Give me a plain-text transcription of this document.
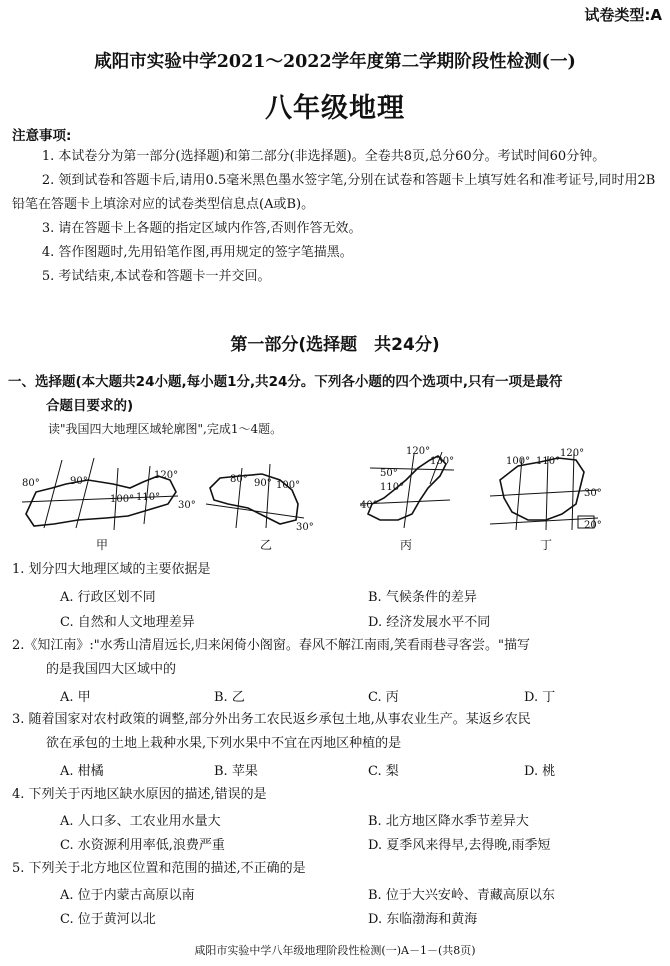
试卷类型:A
咸阳市实验中学2021～2022学年度第二学期阶段性检测(一)
八年级地理
注意事项:

1. 本试卷分为第一部分(选择题)和第二部分(非选择题)。全卷共8页,总分60分。考试时间60分钟。

2. 领到试卷和答题卡后,请用0.5毫米黑色墨水签字笔,分别在试卷和答题卡上填写姓名和准考证号,同时用2B铅笔在答题卡上填涂对应的试卷类型信息点(A或B)。

3. 请在答题卡上各题的指定区域内作答,否则作答无效。

4. 答作图题时,先用铅笔作图,再用规定的签字笔描黑。

5. 考试结束,本试卷和答题卡一并交回。

第一部分(选择题　共24分)
一、选择题(本大题共24小题,每小题1分,共24分。下列各小题的四个选项中,只有一项是最符
合题目要求的)
读"我国四大地理区域轮廓图",完成1～4题。
80°	90°
100° 110°
120°
30°
甲
80° 90° 100°
30°
乙
120°
130°
50°
110°
40°
丙
100° 110°
120°
30°
20°
丁
1. 划分四大地理区域的主要依据是
A. 行政区划不同	B. 气候条件的差异
C. 自然和人文地理差异	D. 经济发展水平不同
2.《知江南》:"水秀山清眉远长,归来闲倚小阁窗。春风不解江南雨,笑看雨巷寻客尝。"描写
的是我国四大区域中的
A. 甲	B. 乙	C. 丙	D. 丁
3. 随着国家对农村政策的调整,部分外出务工农民返乡承包土地,从事农业生产。某返乡农民
欲在承包的土地上栽种水果,下列水果中不宜在丙地区种植的是
A. 柑橘	B. 苹果	C. 梨	D. 桃
4. 下列关于丙地区缺水原因的描述,错误的是
A. 人口多、工农业用水量大	B. 北方地区降水季节差异大
C. 水资源利用率低,浪费严重	D. 夏季风来得早,去得晚,雨季短
5. 下列关于北方地区位置和范围的描述,不正确的是
A. 位于内蒙古高原以南	B. 位于大兴安岭、青藏高原以东
C. 位于黄河以北	D. 东临渤海和黄海
咸阳市实验中学八年级地理阶段性检测(一)A－1－(共8页)
